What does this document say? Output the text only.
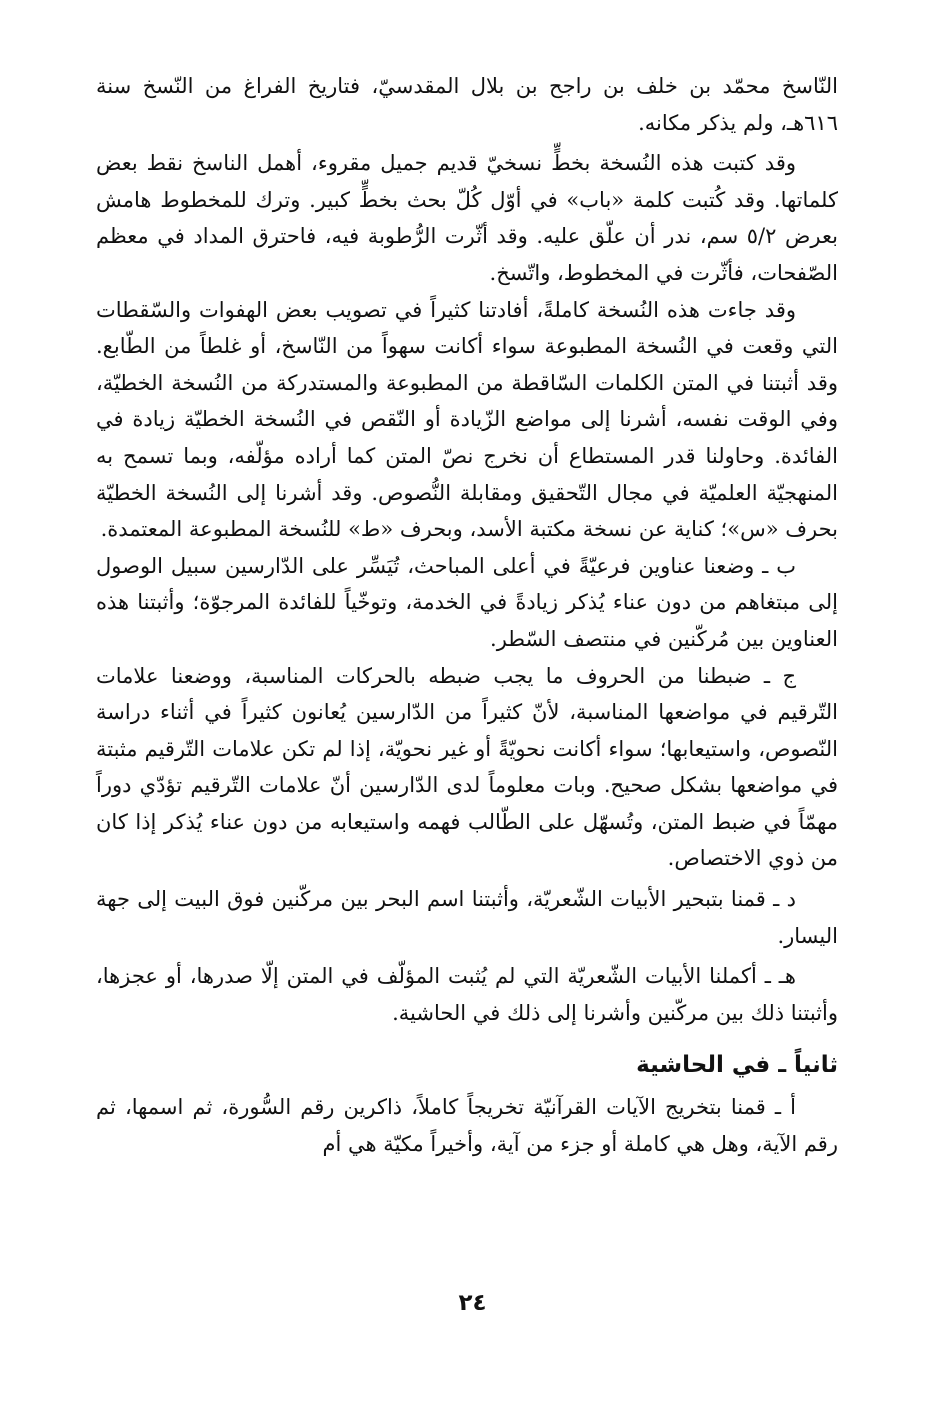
النّاسخ محمّد بن خلف بن راجح بن بلال المقدسيّ، فتاريخ الفراغ من النّسخ سنة ٦١٦هـ، ولم يذكر مكانه.

وقد كتبت هذه النُسخة بخطٍّ نسخيّ قديم جميل مقروء، أهمل الناسخ نقط بعض كلماتها. وقد كُتبت كلمة «باب» في أوّل كُلّ بحث بخطٍّ كبير. وترك للمخطوط هامش بعرض ٥/٢ سم، ندر أن علّق عليه. وقد أثّرت الرُّطوبة فيه، فاحترق المداد في معظم الصّفحات، فأثّرت في المخطوط، واتّسخ.

وقد جاءت هذه النُسخة كاملةً، أفادتنا كثيراً في تصويب بعض الهفوات والسّقطات التي وقعت في النُسخة المطبوعة سواء أكانت سهواً من النّاسخ، أو غلطاً من الطّابع. وقد أثبتنا في المتن الكلمات السّاقطة من المطبوعة والمستدركة من النُسخة الخطيّة، وفي الوقت نفسه، أشرنا إلى مواضع الزّيادة أو النّقص في النُسخة الخطيّة زيادة في الفائدة. وحاولنا قدر المستطاع أن نخرج نصّ المتن كما أراده مؤلّفه، وبما تسمح به المنهجيّة العلميّة في مجال التّحقيق ومقابلة النُّصوص. وقد أشرنا إلى النُسخة الخطيّة بحرف «س»؛ كناية عن نسخة مكتبة الأسد، وبحرف «ط» للنُسخة المطبوعة المعتمدة.

ب ـ وضعنا عناوين فرعيّةً في أعلى المباحث، تُيَسِّر على الدّارسين سبيل الوصول إلى مبتغاهم من دون عناء يُذكر زيادةً في الخدمة، وتوخّياً للفائدة المرجوّة؛ وأثبتنا هذه العناوين بين مُركّنين في منتصف السّطر.

ج ـ ضبطنا من الحروف ما يجب ضبطه بالحركات المناسبة، ووضعنا علامات التّرقيم في مواضعها المناسبة، لأنّ كثيراً من الدّارسين يُعانون كثيراً في أثناء دراسة النّصوص، واستيعابها؛ سواء أكانت نحويّةً أو غير نحويّة، إذا لم تكن علامات التّرقيم مثبتة في مواضعها بشكل صحيح. وبات معلوماً لدى الدّارسين أنّ علامات التّرقيم تؤدّي دوراً مهمّاً في ضبط المتن، وتُسهّل على الطّالب فهمه واستيعابه من دون عناء يُذكر إذا كان من ذوي الاختصاص.

د ـ قمنا بتبحير الأبيات الشّعريّة، وأثبتنا اسم البحر بين مركّنين فوق البيت إلى جهة اليسار.

هـ ـ أكملنا الأبيات الشّعريّة التي لم يُثبت المؤلّف في المتن إلّا صدرها، أو عجزها، وأثبتنا ذلك بين مركّنين وأشرنا إلى ذلك في الحاشية.

ثانياً ـ في الحاشية

أ ـ قمنا بتخريج الآيات القرآنيّة تخريجاً كاملاً، ذاكرين رقم السُّورة، ثم اسمها، ثم رقم الآية، وهل هي كاملة أو جزء من آية، وأخيراً مكيّة هي أم

٢٤
